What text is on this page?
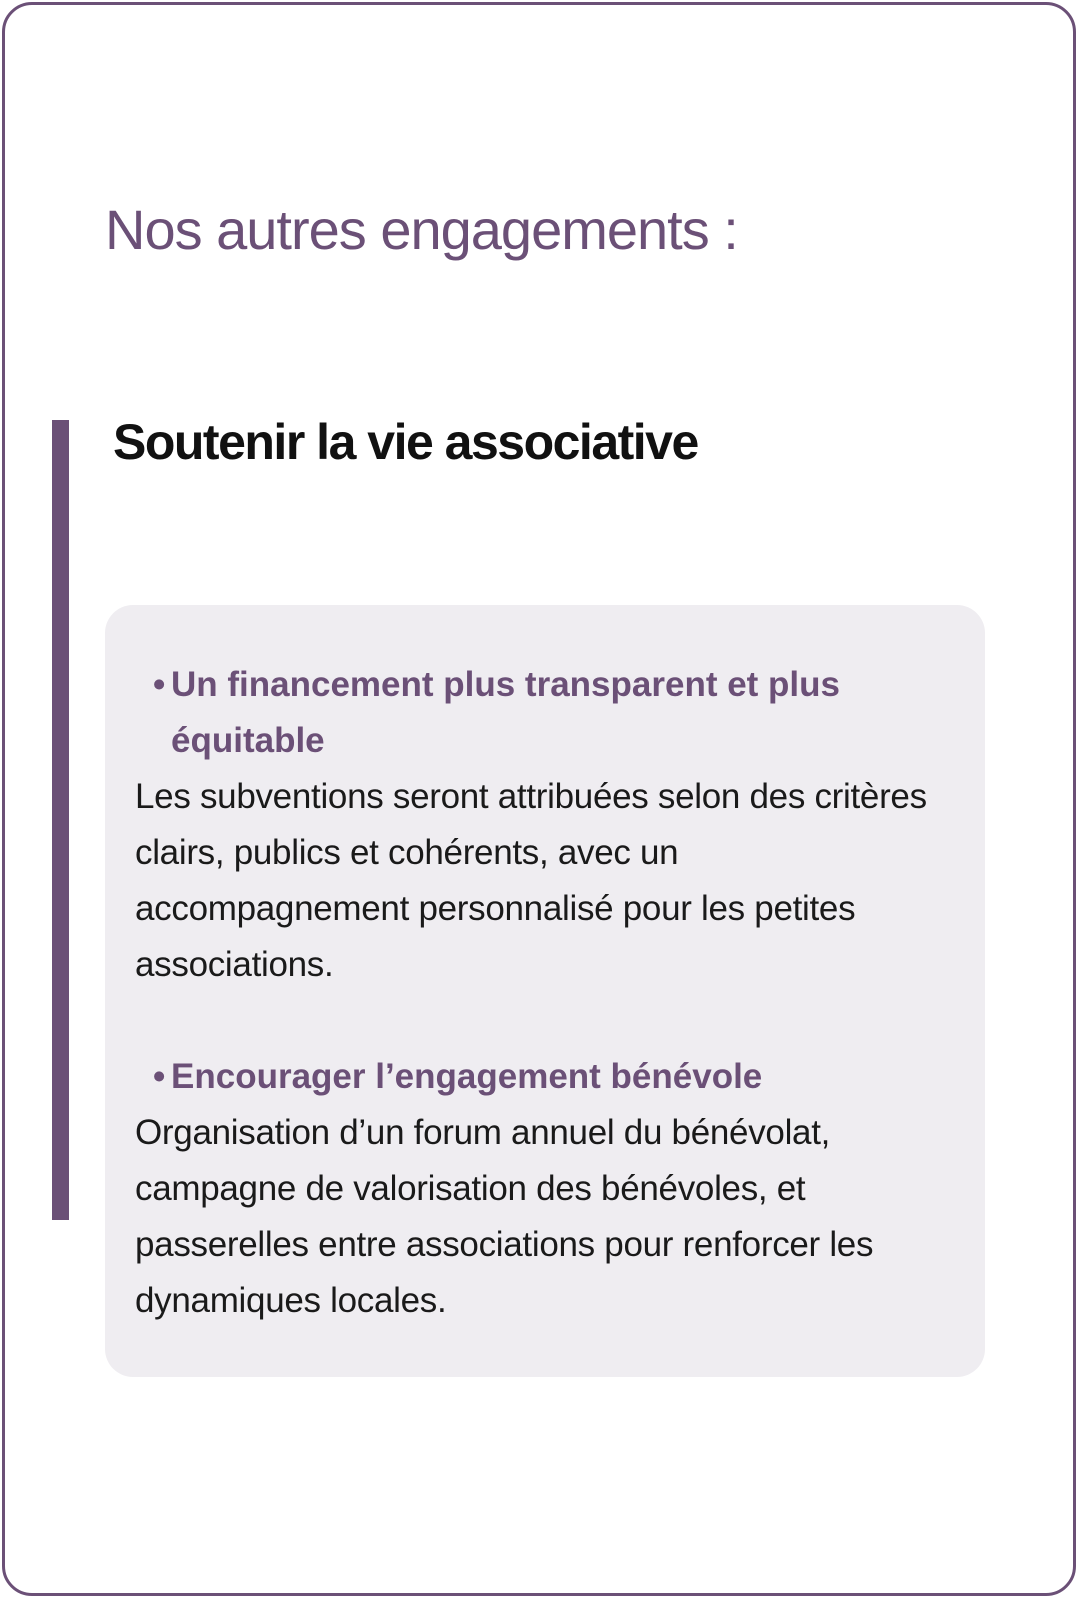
Nos autres engagements :
Soutenir la vie associative

• Un financement plus transparent et plus équitable

Les subventions seront attribuées selon des critères clairs, publics et cohérents, avec un accompagnement personnalisé pour les petites associations.

• Encourager l’engagement bénévole

Organisation d’un forum annuel du bénévolat, campagne de valorisation des bénévoles, et passerelles entre associations pour renforcer les dynamiques locales.
